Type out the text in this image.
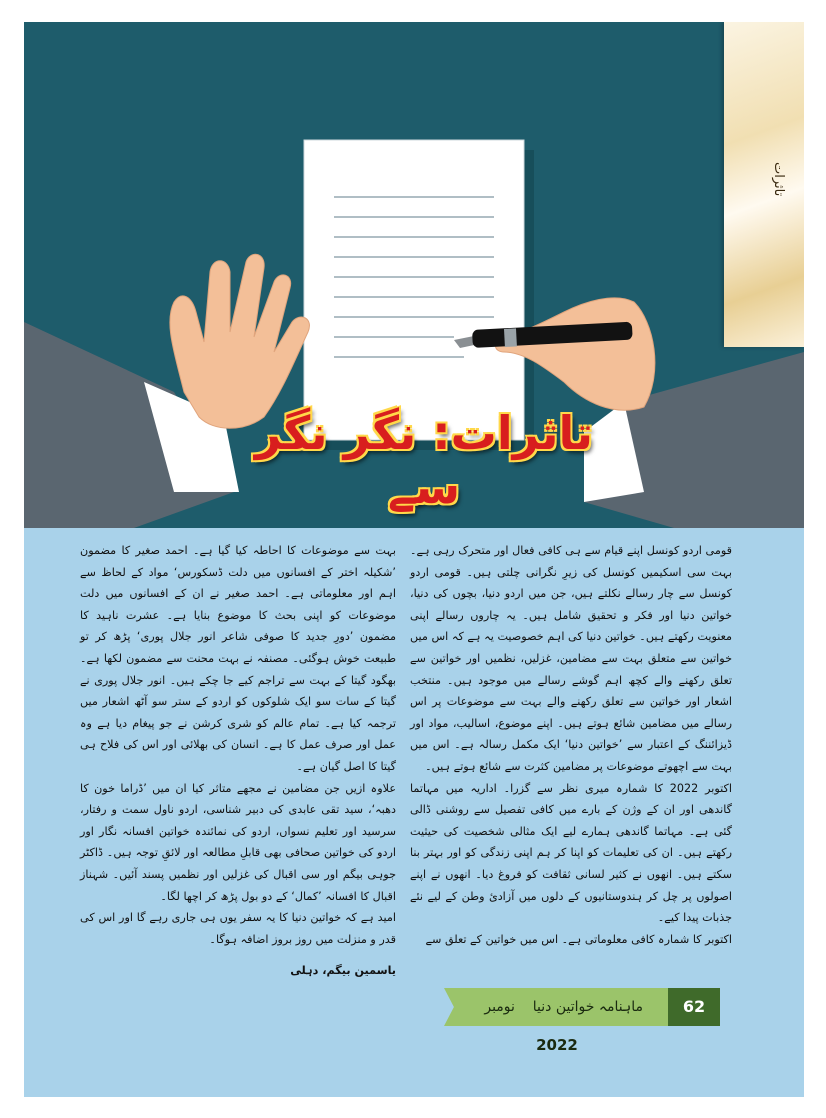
تاثرات
تاثرات: نگر نگر سے

قومی اردو کونسل اپنے قیام سے ہی کافی فعال اور متحرک رہی ہے۔ بہت سی اسکیمیں کونسل کی زیرِ نگرانی چلتی ہیں۔ قومی اردو کونسل سے چار رسالے نکلتے ہیں، جن میں اردو دنیا، بچوں کی دنیا، خواتین دنیا اور فکر و تحقیق شامل ہیں۔ یہ چاروں رسالے اپنی معنویت رکھتے ہیں۔ خواتین دنیا کی اہم خصوصیت یہ ہے کہ اس میں خواتین سے متعلق بہت سے مضامین، غزلیں، نظمیں اور خواتین سے تعلق رکھنے والے کچھ اہم گوشے رسالے میں موجود ہیں۔ منتخب اشعار اور خواتین سے تعلق رکھنے والے بہت سے موضوعات پر اس رسالے میں مضامین شائع ہوتے ہیں۔ اپنے موضوع، اسالیب، مواد اور ڈیزائننگ کے اعتبار سے ’خواتین دنیا‘ ایک مکمل رسالہ ہے۔ اس میں بہت سے اچھوتے موضوعات پر مضامین کثرت سے شائع ہوتے ہیں۔

اکتوبر 2022 کا شمارہ میری نظر سے گزرا۔ اداریہ میں مہاتما گاندھی اور ان کے وژن کے بارے میں کافی تفصیل سے روشنی ڈالی گئی ہے۔ مہاتما گاندھی ہمارے لیے ایک مثالی شخصیت کی حیثیت رکھتے ہیں۔ ان کی تعلیمات کو اپنا کر ہم اپنی زندگی کو اور بہتر بنا سکتے ہیں۔ انھوں نے کثیر لسانی ثقافت کو فروغ دیا۔ انھوں نے اپنے اصولوں پر چل کر ہندوستانیوں کے دلوں میں آزادیٔ وطن کے لیے نئے جذبات پیدا کیے۔

اکتوبر کا شمارہ کافی معلوماتی ہے۔ اس میں خواتین کے تعلق سے

بہت سے موضوعات کا احاطہ کیا گیا ہے۔ احمد صغیر کا مضمون ’شکیلہ اختر کے افسانوں میں دلت ڈسکورس‘ مواد کے لحاظ سے اہم اور معلوماتی ہے۔ احمد صغیر نے ان کے افسانوں میں دلت موضوعات کو اپنی بحث کا موضوع بنایا ہے۔ عشرت ناہید کا مضمون ’دورِ جدید کا صوفی شاعر انور جلال پوری‘ پڑھ کر تو طبیعت خوش ہوگئی۔ مصنفہ نے بہت محنت سے مضمون لکھا ہے۔ بھگود گیتا کے بہت سے تراجم کیے جا چکے ہیں۔ انور جلال پوری نے گیتا کے سات سو ایک شلوکوں کو اردو کے ستر سو آٹھ اشعار میں ترجمہ کیا ہے۔ تمام عالم کو شری کرشن نے جو پیغام دیا ہے وہ عمل اور صرف عمل کا ہے۔ انسان کی بھلائی اور اس کی فلاح ہی گیتا کا اصل گیان ہے۔

علاوہ ازیں جن مضامین نے مجھے متاثر کیا ان میں ’ڈراما خون کا دھبہ‘، سید تقی عابدی کی دبیر شناسی، اردو ناول سمت و رفتار، سرسید اور تعلیم نسواں، اردو کی نمائندہ خواتین افسانہ نگار اور اردو کی خواتین صحافی بھی قابلِ مطالعہ اور لائقِ توجہ ہیں۔ ڈاکٹر جوہی بیگم اور سی اقبال کی غزلیں اور نظمیں پسند آئیں۔ شہناز اقبال کا افسانہ ’کمال‘ کے دو بول پڑھ کر اچھا لگا۔

امید ہے کہ خواتین دنیا کا یہ سفر یوں ہی جاری رہے گا اور اس کی قدر و منزلت میں روز بروز اضافہ ہوگا۔

یاسمین بیگم، دہلی

ماہنامہ خواتین دنیا    نومبر    2022
62
